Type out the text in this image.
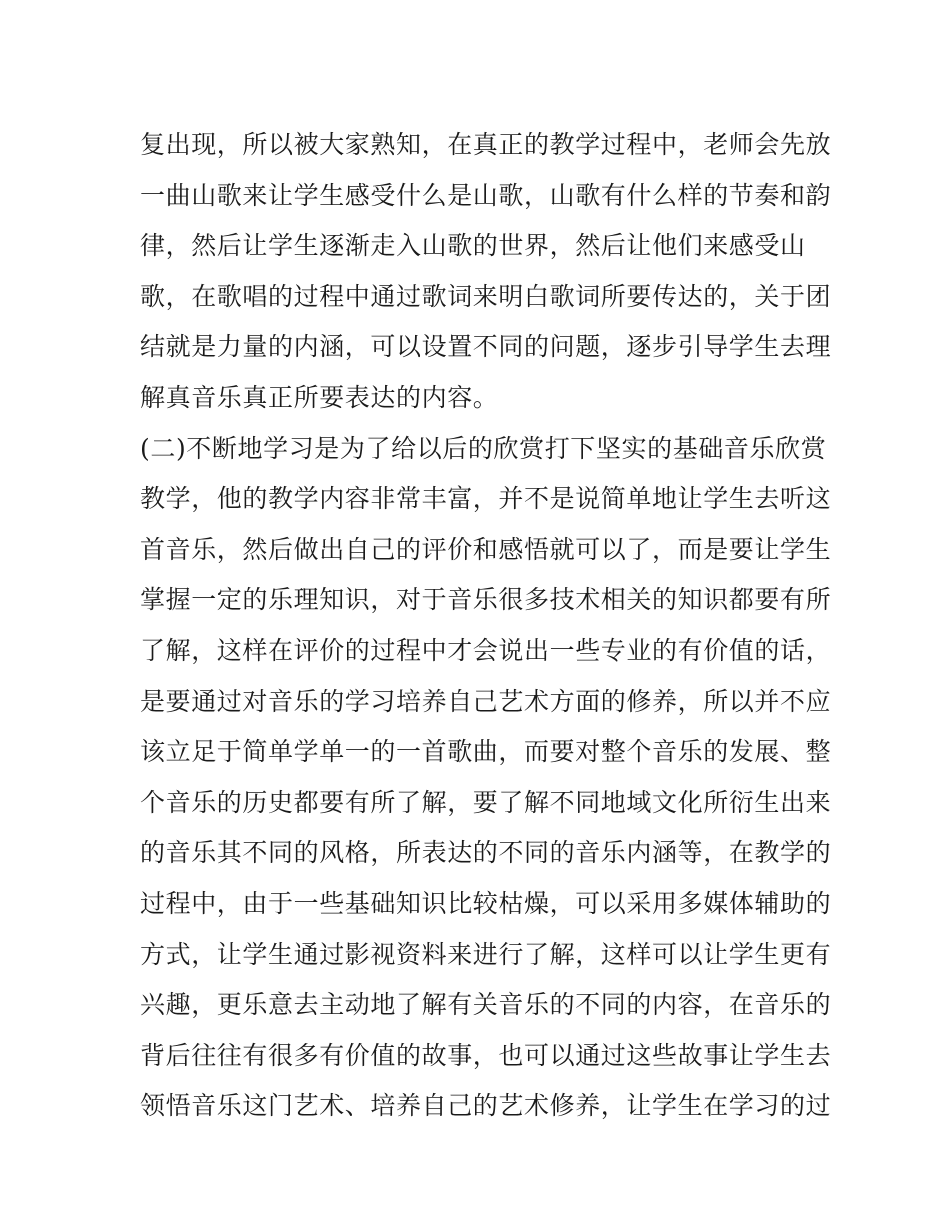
复出现，所以被大家熟知，在真正的教学过程中，老师会先放
一曲山歌来让学生感受什么是山歌，山歌有什么样的节奏和韵
律，然后让学生逐渐走入山歌的世界，然后让他们来感受山
歌，在歌唱的过程中通过歌词来明白歌词所要传达的，关于团
结就是力量的内涵，可以设置不同的问题，逐步引导学生去理
解真音乐真正所要表达的内容。
(二)不断地学习是为了给以后的欣赏打下坚实的基础音乐欣赏
教学，他的教学内容非常丰富，并不是说简单地让学生去听这
首音乐，然后做出自己的评价和感悟就可以了，而是要让学生
掌握一定的乐理知识，对于音乐很多技术相关的知识都要有所
了解，这样在评价的过程中才会说出一些专业的有价值的话，
是要通过对音乐的学习培养自己艺术方面的修养，所以并不应
该立足于简单学单一的一首歌曲，而要对整个音乐的发展、整
个音乐的历史都要有所了解，要了解不同地域文化所衍生出来
的音乐其不同的风格，所表达的不同的音乐内涵等，在教学的
过程中，由于一些基础知识比较枯燥，可以采用多媒体辅助的
方式，让学生通过影视资料来进行了解，这样可以让学生更有
兴趣，更乐意去主动地了解有关音乐的不同的内容，在音乐的
背后往往有很多有价值的故事，也可以通过这些故事让学生去
领悟音乐这门艺术、培养自己的艺术修养，让学生在学习的过
